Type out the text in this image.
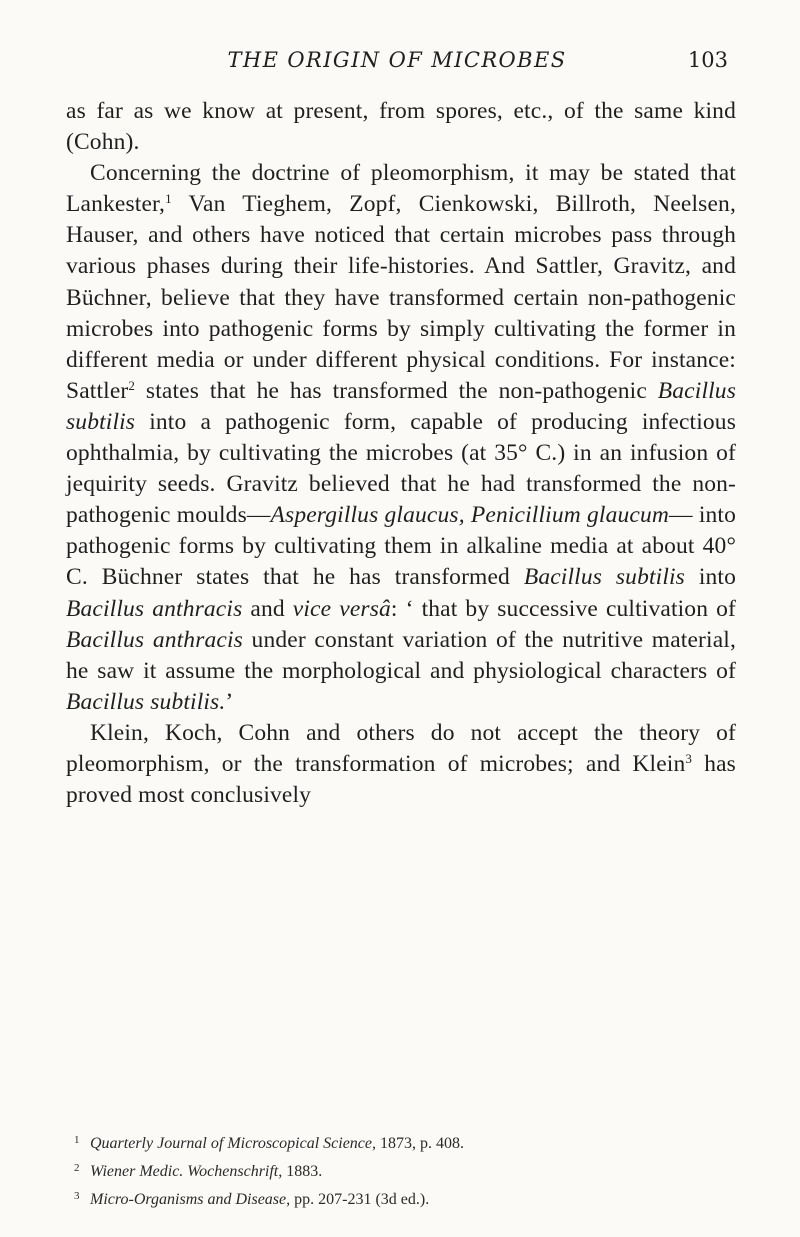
THE ORIGIN OF MICROBES	103

as far as we know at present, from spores, etc., of the same kind (Cohn).

Concerning the doctrine of pleomorphism, it may be stated that Lankester,$^1$ Van Tieghem, Zopf, Cienkowski, Billroth, Neelsen, Hauser, and others have noticed that certain microbes pass through various phases during their life-histories. And Sattler, Gravitz, and Büchner, believe that they have transformed certain non-pathogenic microbes into pathogenic forms by simply cultivating the former in different media or under different physical conditions. For instance: Sattler$^2$ states that he has transformed the non-pathogenic Bacillus subtilis into a pathogenic form, capable of producing infectious ophthalmia, by cultivating the microbes (at 35° C.) in an infusion of jequirity seeds. Gravitz believed that he had transformed the non-pathogenic moulds—Aspergillus glaucus, Penicillium glaucum— into pathogenic forms by cultivating them in alkaline media at about 40° C. Büchner states that he has transformed Bacillus subtilis into Bacillus anthracis and vice versâ: ‘ that by successive cultivation of Bacillus anthracis under constant variation of the nutritive material, he saw it assume the morphological and physiological characters of Bacillus subtilis.’

Klein, Koch, Cohn and others do not accept the theory of pleomorphism, or the transformation of microbes; and Klein$^3$ has proved most conclusively

1 Quarterly Journal of Microscopical Science, 1873, p. 408.
2 Wiener Medic. Wochenschrift, 1883.
3 Micro-Organisms and Disease, pp. 207-231 (3d ed.).
